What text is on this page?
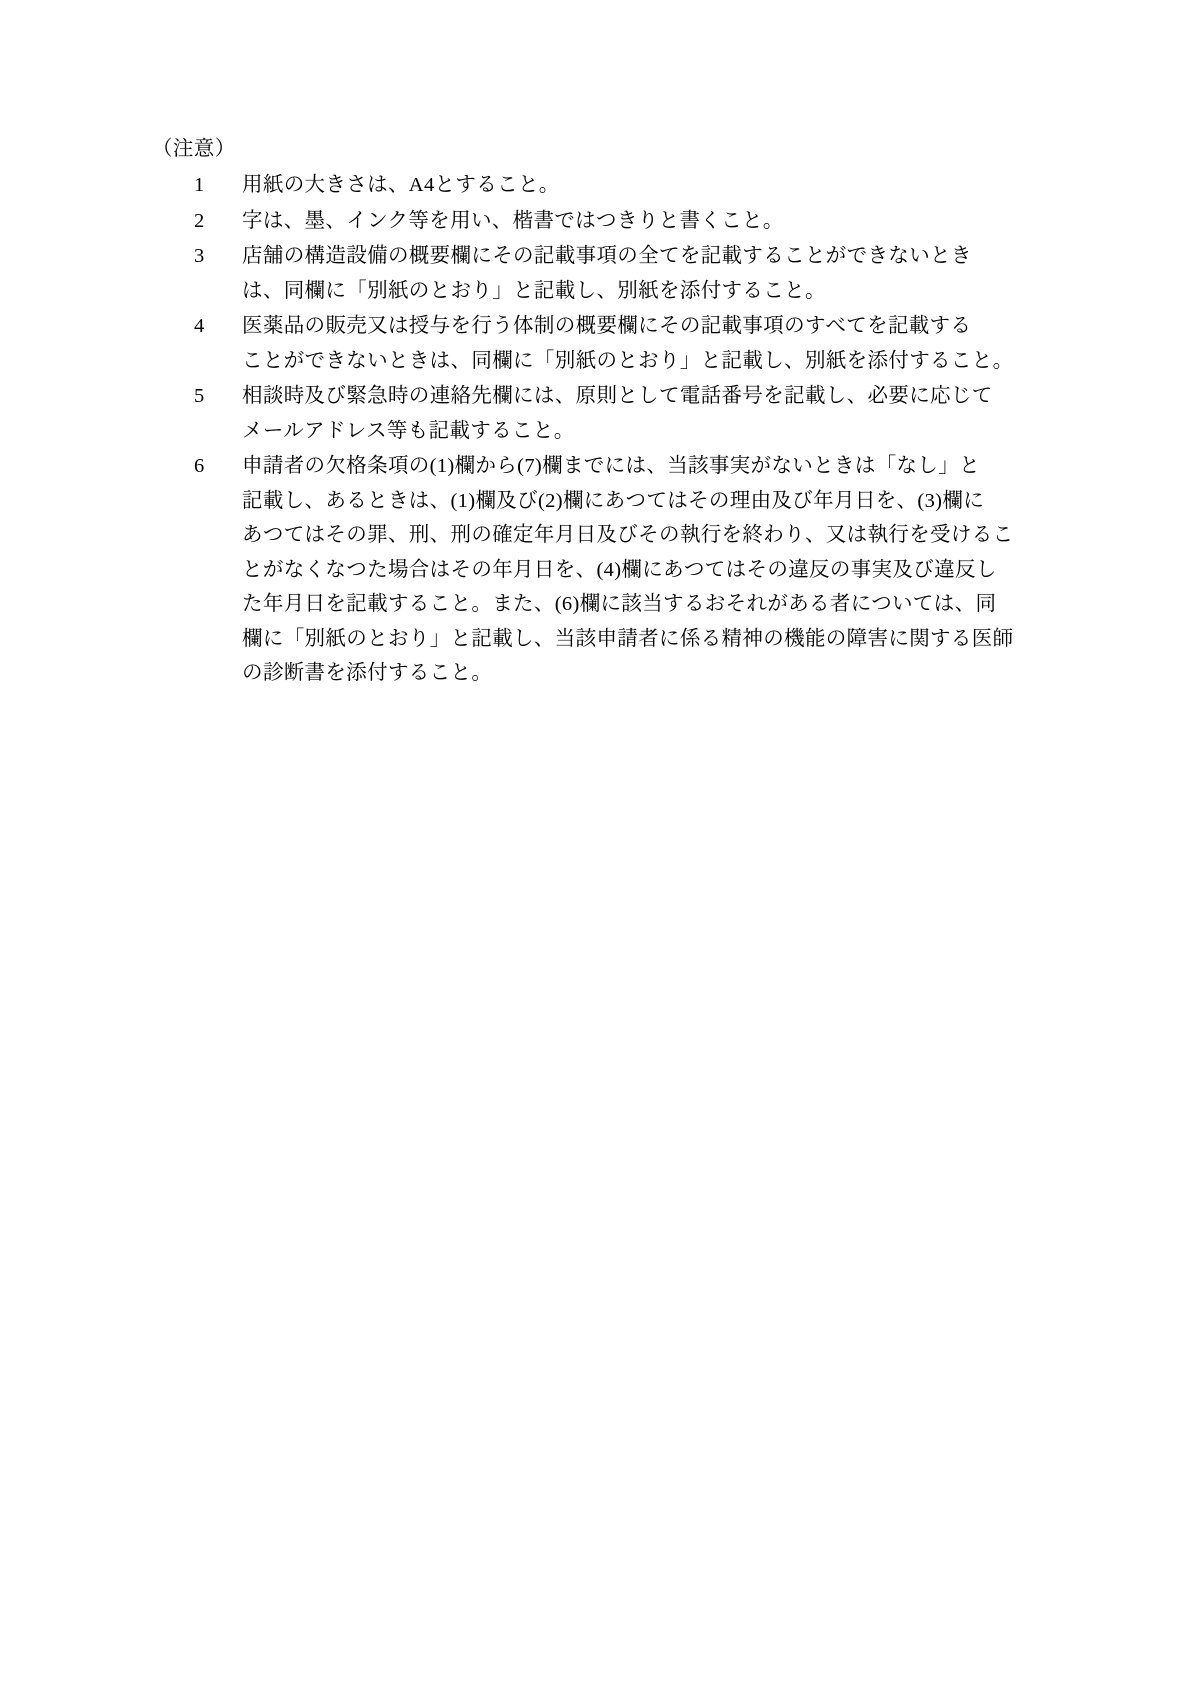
（注意）

1	用紙の大きさは、A4とすること。
2	字は、墨、インク等を用い、楷書ではつきりと書くこと。
3	店舗の構造設備の概要欄にその記載事項の全てを記載することができないとき
は、同欄に「別紙のとおり」と記載し、別紙を添付すること。
4	医薬品の販売又は授与を行う体制の概要欄にその記載事項のすべてを記載する
ことができないときは、同欄に「別紙のとおり」と記載し、別紙を添付すること。
5	相談時及び緊急時の連絡先欄には、原則として電話番号を記載し、必要に応じて
メールアドレス等も記載すること。
6	申請者の欠格条項の(1)欄から(7)欄までには、当該事実がないときは「なし」と
記載し、あるときは、(1)欄及び(2)欄にあつてはその理由及び年月日を、(3)欄に
あつてはその罪、刑、刑の確定年月日及びその執行を終わり、又は執行を受けるこ
とがなくなつた場合はその年月日を、(4)欄にあつてはその違反の事実及び違反し
た年月日を記載すること。また、(6)欄に該当するおそれがある者については、同
欄に「別紙のとおり」と記載し、当該申請者に係る精神の機能の障害に関する医師
の診断書を添付すること。
